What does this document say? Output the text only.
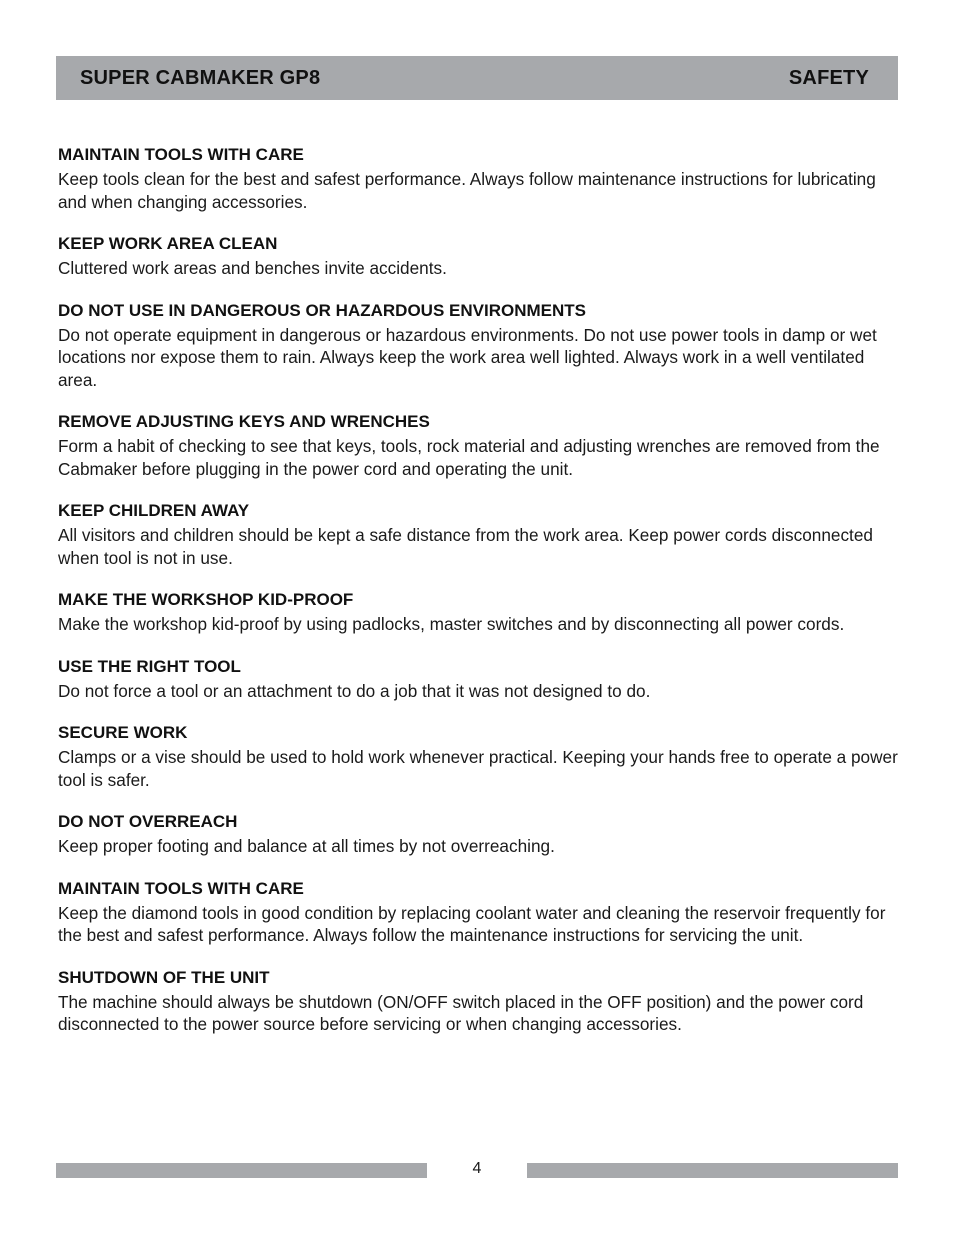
SUPER CABMAKER GP8	SAFETY
MAINTAIN TOOLS WITH CARE

Keep tools clean for the best and safest performance. Always follow maintenance instructions for lubricating and when changing accessories.

KEEP WORK AREA CLEAN

Cluttered work areas and benches invite accidents.

DO NOT USE IN DANGEROUS OR HAZARDOUS ENVIRONMENTS

Do not operate equipment in dangerous or hazardous environments. Do not use power tools in damp or wet locations nor expose them to rain. Always keep the work area well lighted. Always work in a well ventilated area.

REMOVE ADJUSTING KEYS AND WRENCHES

Form a habit of checking to see that keys, tools, rock material and adjusting wrenches are removed from the Cabmaker before plugging in the power cord and operating the unit.

KEEP CHILDREN AWAY

All visitors and children should be kept a safe distance from the work area. Keep power cords disconnected when tool is not in use.

MAKE THE WORKSHOP KID-PROOF

Make the workshop kid-proof by using padlocks, master switches and by disconnecting all power cords.

USE THE RIGHT TOOL

Do not force a tool or an attachment to do a job that it was not designed to do.

SECURE WORK

Clamps or a vise should be used to hold work whenever practical. Keeping your hands free to operate a power tool is safer.

DO NOT OVERREACH

Keep proper footing and balance at all times by not overreaching.

MAINTAIN TOOLS WITH CARE

Keep the diamond tools in good condition by replacing coolant water and cleaning the reservoir frequently for the best and safest performance. Always follow the maintenance instructions for servicing the unit.

SHUTDOWN OF THE UNIT

The machine should always be shutdown (ON/OFF switch placed in the OFF position) and the power cord disconnected to the power source before servicing or when changing accessories.

4
